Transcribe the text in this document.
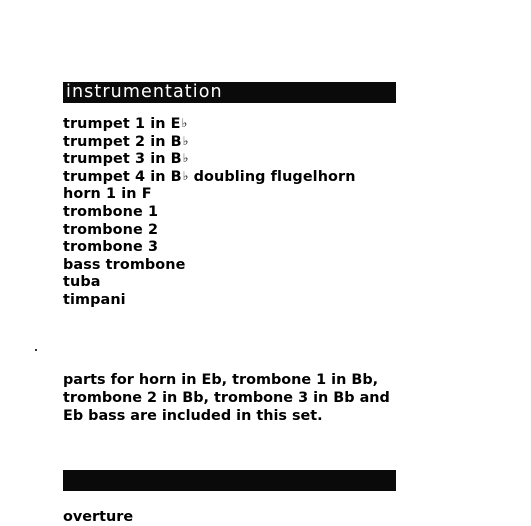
instrumentation
trumpet 1 in E♭
trumpet 2 in B♭
trumpet 3 in B♭
trumpet 4 in B♭ doubling flugelhorn
horn 1 in F
trombone 1
trombone 2
trombone 3
bass trombone
tuba
timpani
parts for horn in Eb, trombone 1 in Bb,
trombone 2 in Bb, trombone 3 in Bb and
Eb bass are included in this set.
overture
